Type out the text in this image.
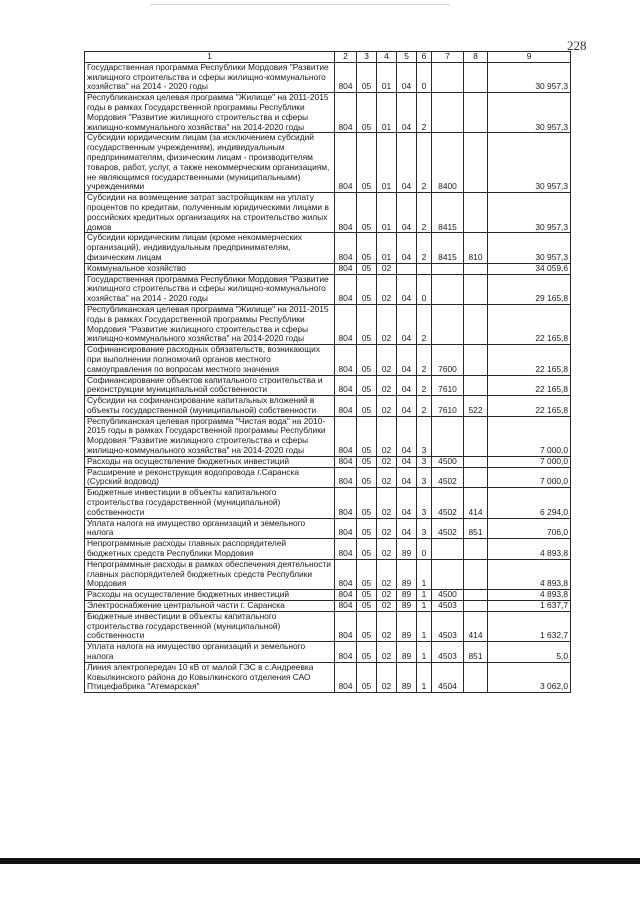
228
1	2	3	4	5	6	7	8	9
Государственная программа Республики Мордовия "Развитие жилищного строительства и сферы жилищно-коммунального хозяйства" на 2014 - 2020 годы	804	05	01	04	0			30 957,3
Республиканская целевая программа "Жилище" на 2011-2015 годы в рамках Государственной программы Республики Мордовия "Развитие жилищного строительства и сферы жилищно-коммунального хозяйства" на 2014-2020 годы	804	05	01	04	2			30 957,3
Субсидии юридическим лицам (за исключением субсидий государственным учреждениям), индивидуальным предпринимателям, физическим лицам - производителям товаров, работ, услуг, а также некоммерческим организациям, не являющимся государственными (муниципальными) учреждениями	804	05	01	04	2	8400		30 957,3
Субсидии на возмещение затрат застройщикам на уплату процентов по кредитам, полученным юридическими лицами в российских кредитных организациях на строительство жилых домов	804	05	01	04	2	8415		30 957,3
Субсидии юридическим лицам (кроме некоммерческих организаций), индивидуальным предпринимателям, физическим лицам	804	05	01	04	2	8415	810	30 957,3
Коммунальное хозяйство	804	05	02					34 059,6
Государственная программа Республики Мордовия "Развитие жилищного строительства и сферы жилищно-коммунального хозяйства" на 2014 - 2020 годы	804	05	02	04	0			29 165,8
Республиканская целевая программа "Жилище" на 2011-2015 годы в рамках Государственной программы Республики Мордовия "Развитие жилищного строительства и сферы жилищно-коммунального хозяйства" на 2014-2020 годы	804	05	02	04	2			22 165,8
Софинансирование расходных обязательств, возникающих при выполнении полномочий органов местного самоуправления по вопросам местного значения	804	05	02	04	2	7600		22 165,8
Софинансирование объектов капитального строительства и реконструкции муниципальной собственности	804	05	02	04	2	7610		22 165,8
Субсидии на софинансирование капитальных вложений в объекты государственной (муниципальной) собственности	804	05	02	04	2	7610	522	22 165,8
Республиканская целевая программа "Чистая вода" на 2010-2015 годы в рамках Государственной программы Республики Мордовия "Развитие жилищного строительства и сферы жилищно-коммунального хозяйства" на 2014-2020 годы	804	05	02	04	3			7 000,0
Расходы на осуществление бюджетных инвестиций	804	05	02	04	3	4500		7 000,0
Расширение и реконструкция водопровода г.Саранска (Сурский водовод)	804	05	02	04	3	4502		7 000,0
Бюджетные инвестиции в объекты капитального строительства государственной (муниципальной) собственности	804	05	02	04	3	4502	414	6 294,0
Уплата налога на имущество организаций и земельного налога	804	05	02	04	3	4502	851	706,0
Непрограммные расходы главных распорядителей бюджетных средств Республики Мордовия	804	05	02	89	0			4 893,8
Непрограммные расходы в рамках обеспечения деятельности главных распорядителей бюджетных средств Республики Мордовия	804	05	02	89	1			4 893,8
Расходы на осуществление бюджетных инвестиций	804	05	02	89	1	4500		4 893,8
Электроснабжение центральной части г. Саранска	804	05	02	89	1	4503		1 637,7
Бюджетные инвестиции в объекты капитального строительства государственной (муниципальной) собственности	804	05	02	89	1	4503	414	1 632,7
Уплата налога на имущество организаций и земельного налога	804	05	02	89	1	4503	851	5,0
Линия электропередач 10 кВ от малой ГЭС в с.Андреевка Ковылкинского района до Ковылкинского отделения САО Птицефабрика "Атемарская"	804	05	02	89	1	4504		3 062,0
